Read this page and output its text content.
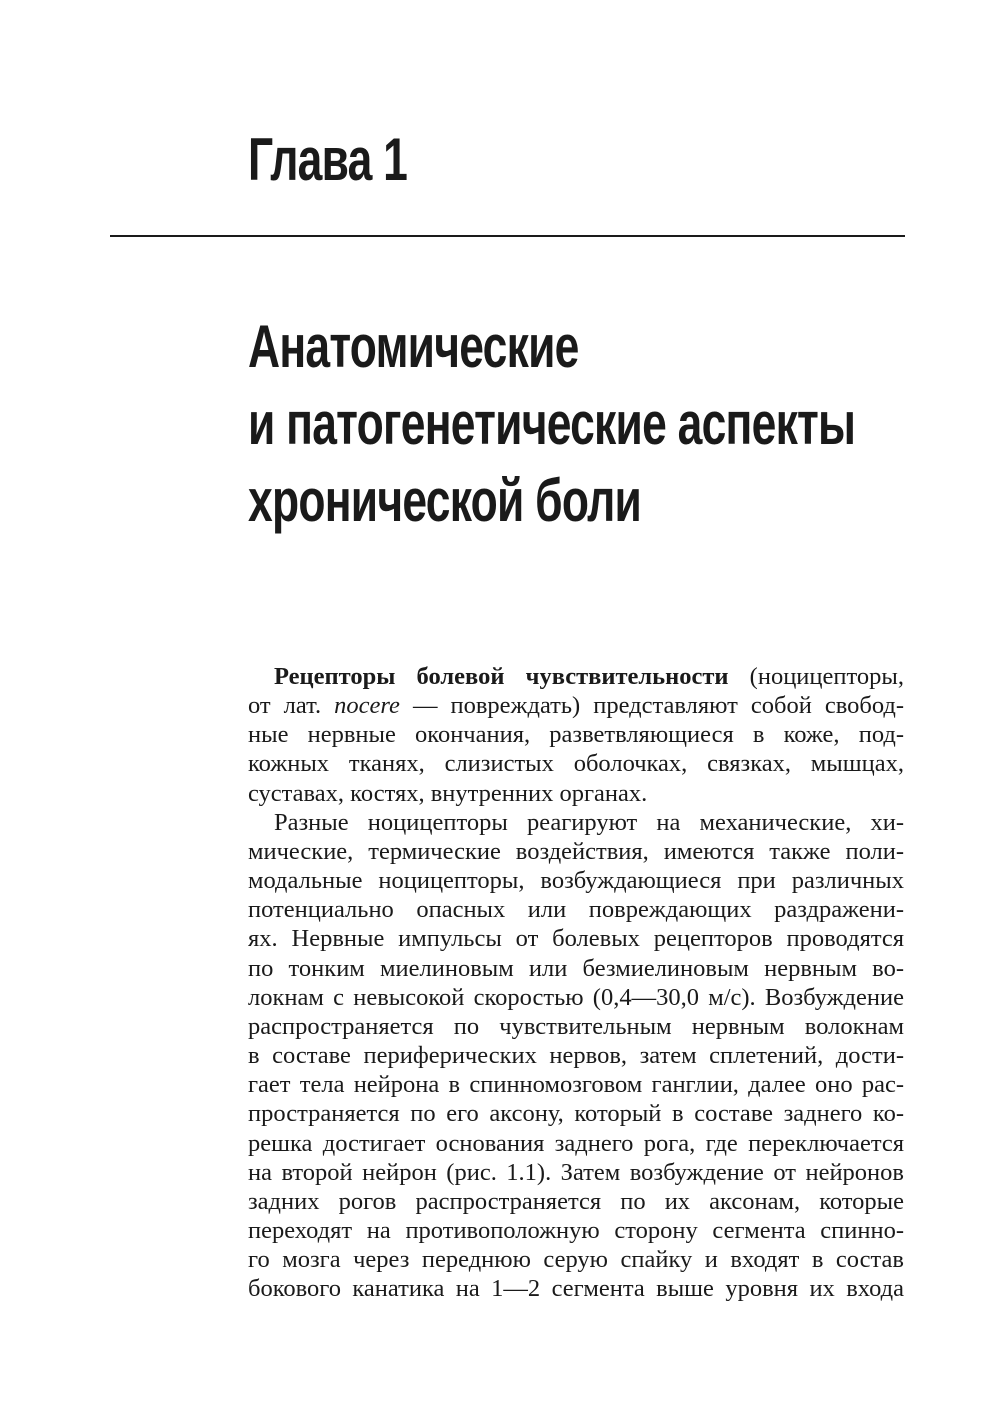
Глава 1
Анатомические
и патогенетические аспекты
хронической боли

Рецепторы болевой чувствительности (ноцицепторы,
от лат. nocere — повреждать) представляют собой свобод-
ные нервные окончания, разветвляющиеся в коже, под-
кожных тканях, слизистых оболочках, связках, мышцах,
суставах, костях, внутренних органах.

Разные ноцицепторы реагируют на механические, хи-
мические, термические воздействия, имеются также поли-
модальные ноцицепторы, возбуждающиеся при различных
потенциально опасных или повреждающих раздражени-
ях. Нервные импульсы от болевых рецепторов проводятся
по тонким миелиновым или безмиелиновым нервным во-
локнам с невысокой скоростью (0,4—30,0 м/с). Возбуждение
распространяется по чувствительным нервным волокнам
в составе периферических нервов, затем сплетений, дости-
гает тела нейрона в спинномозговом ганглии, далее оно рас-
пространяется по его аксону, который в составе заднего ко-
решка достигает основания заднего рога, где переключается
на второй нейрон (рис. 1.1). Затем возбуждение от нейронов
задних рогов распространяется по их аксонам, которые
переходят на противоположную сторону сегмента спинно-
го мозга через переднюю серую спайку и входят в состав
бокового канатика на 1—2 сегмента выше уровня их входа
